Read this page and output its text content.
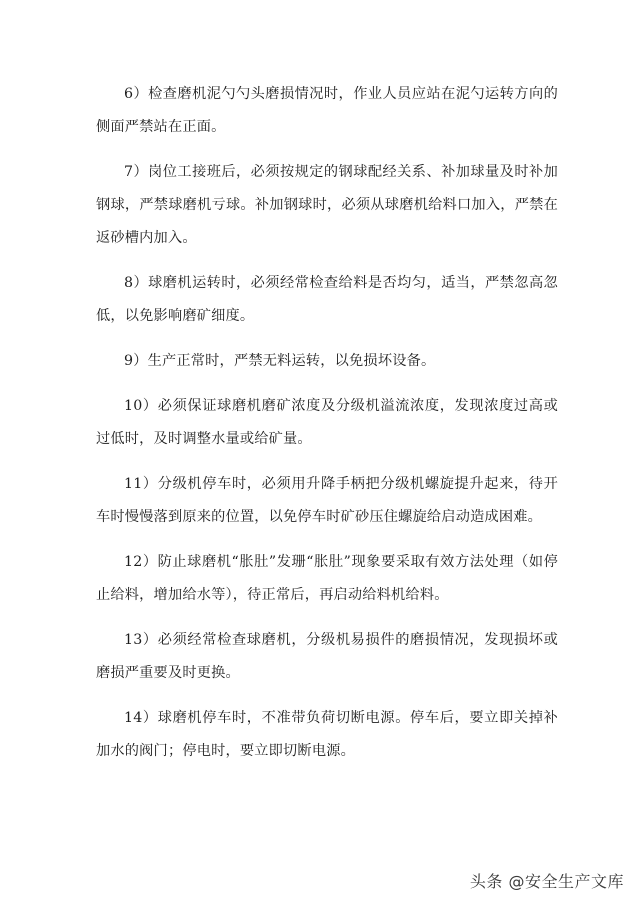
6）检查磨机泥勺勺头磨损情况时，作业人员应站在泥勺运转方向的侧面严禁站在正面。

7）岗位工接班后，必须按规定的钢球配经关系、补加球量及时补加钢球，严禁球磨机亏球。补加钢球时，必须从球磨机给料口加入，严禁在返砂槽内加入。

8）球磨机运转时，必须经常检查给料是否均匀，适当，严禁忽高忽低，以免影响磨矿细度。

9）生产正常时，严禁无料运转，以免损坏设备。

10）必须保证球磨机磨矿浓度及分级机溢流浓度，发现浓度过高或过低时，及时调整水量或给矿量。

11）分级机停车时，必须用升降手柄把分级机螺旋提升起来，待开车时慢慢落到原来的位置，以免停车时矿砂压住螺旋给启动造成困难。

12）防止球磨机“胀肚”发珊“胀肚”现象要采取有效方法处理（如停止给料，增加给水等），待正常后，再启动给料机给料。

13）必须经常检查球磨机，分级机易损件的磨损情况，发现损坏或磨损严重要及时更换。

14）球磨机停车时，不准带负荷切断电源。停车后，要立即关掉补加水的阀门；停电时，要立即切断电源。

头条 @安全生产文库
